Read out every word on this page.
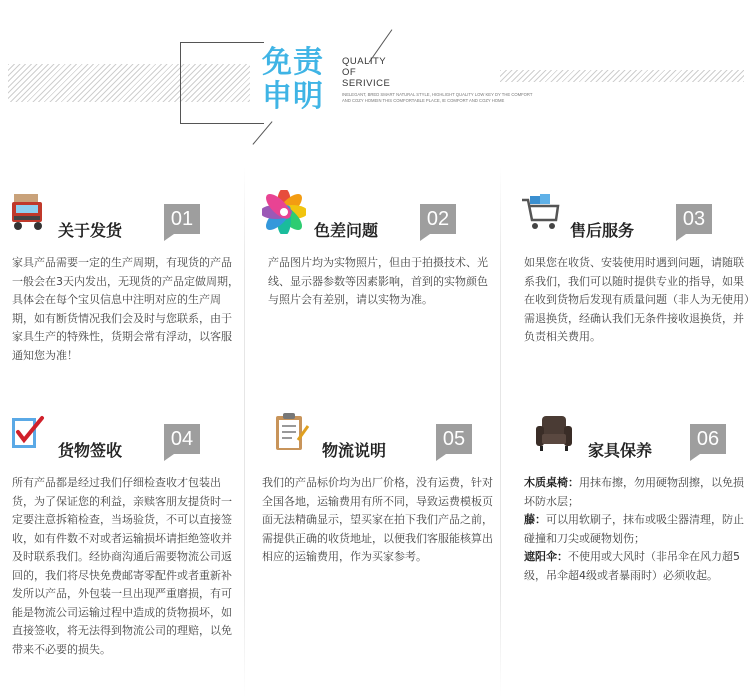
免责

申明

QUALITY
OF
SERIVICE
INELEGANT, BRED SMART NATURAL STYLE, HIGHLIGHT QUALITY LOW KEY DY THE COMFORT AND COZY HOMEIN THIS COMFORTABLE PLACE, IE COMFORT AND COZY HOME
关于发货
01
家具产品需要一定的生产周期，有现货的产品一般会在3天内发出，无现货的产品定做周期，具体会在每个宝贝信息中注明对应的生产周期，如有断货情况我们会及时与您联系，由于家具生产的特殊性，货期会常有浮动，以客服通知您为准！
色差问题
02
产品图片均为实物照片，但由于拍摄技术、光线、显示器参数等因素影响，首到的实物颜色与照片会有差别，请以实物为准。
售后服务
03
如果您在收货、安装使用时遇到问题，请随联系我们，我们可以随时提供专业的指导，如果在收到货物后发现有质量问题（非人为无使用）需退换货，经确认我们无条件接收退换货，并负责相关费用。
货物签收
04
所有产品都是经过我们仔细检查收才包装出货，为了保证您的利益，亲赎客朋友提货时一定要注意拆箱检查，当场验货，不可以直接签收，如有件数不对或者运输损坏请拒绝签收并及时联系我们。经协商沟通后需要物流公司返回的，我们将尽快免费邮寄零配件或者重新补发所以产品，外包装一旦出现严重磨损，有可能是物流公司运输过程中造成的货物损坏，如直接签收，将无法得到物流公司的理赔，以免带来不必要的损失。
物流说明
05
我们的产品标价均为出厂价格，没有运费，针对全国各地，运输费用有所不同，导致运费模板页面无法精确显示，望买家在拍下我们产品之前，需提供正确的收货地址，以便我们客服能核算出相应的运输费用，作为买家参考。
家具保养
06
木质桌椅：用抹布擦，勿用硬物刮擦，以免损坏防水层；
藤：可以用软刷子，抹布或吸尘器清理，防止碰撞和刀尖或硬物划伤；
遮阳伞：不使用或大风时（非吊伞在风力超5级，吊伞超4级或者暴雨时）必须收起。
